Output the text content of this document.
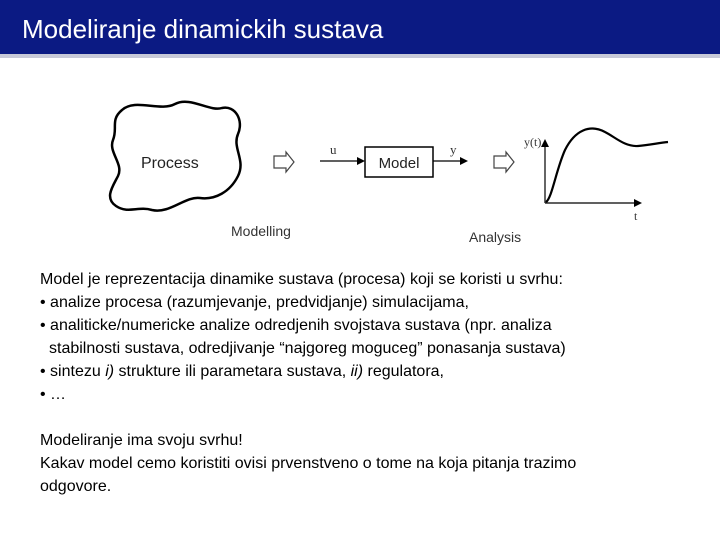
Modeliranje dinamickih sustava
Process
Modelling
u
Model
y	y(t)
t
Analysis

Model je reprezentacija dinamike sustava (procesa) koji se koristi u svrhu:

• analize procesa (razumjevanje, predvidjanje) simulacijama,

• analiticke/numericke analize odredjenih svojstava sustava (npr. analiza

stabilnosti sustava, odredjivanje “najgoreg moguceg” ponasanja sustava)

• sintezu i) strukture ili parametara sustava, ii) regulatora,

• …

Modeliranje ima svoju svrhu!

Kakav model cemo koristiti ovisi prvenstveno o tome na koja pitanja trazimo

odgovore.
